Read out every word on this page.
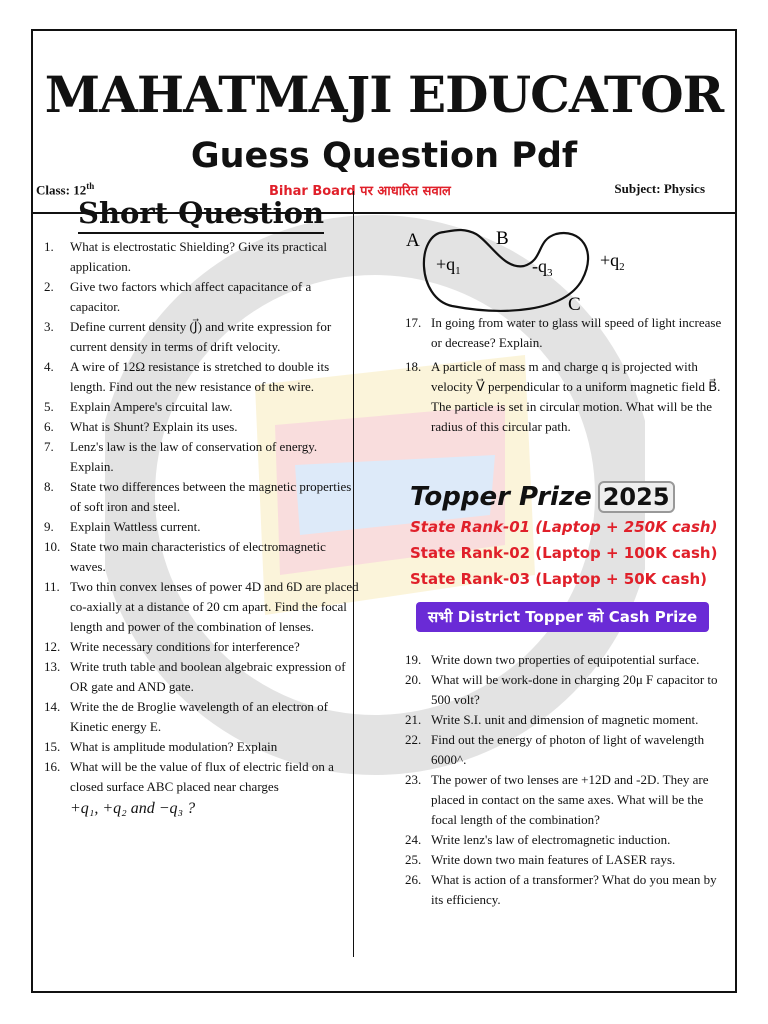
MAHATMAJI EDUCATOR
Guess Question Pdf
Class: 12th	Bihar Board पर आधारित सवाल	Subject: Physics
Short Question
1.	What is electrostatic Shielding? Give its practical application.
2.	Give two factors which affect capacitance of a capacitor.
3.	Define current density (J⃗) and write expression for current density in terms of drift velocity.
4.	A wire of 12Ω resistance is stretched to double its length. Find out the new resistance of the wire.
5.	Explain Ampere's circuital law.
6.	What is Shunt? Explain its uses.
7.	Lenz's law is the law of conservation of energy. Explain.
8.	State two differences between the magnetic properties of soft iron and steel.
9.	Explain Wattless current.
10. State two main characteristics of electromagnetic waves.
11. Two thin convex lenses of power 4D and 6D are placed co-axially at a distance of 20 cm apart. Find the focal length and power of the combination of lenses.
12. Write necessary conditions for interference?
13. Write truth table and boolean algebraic expression of OR gate and AND gate.
14. Write the de Broglie wavelength of an electron of Kinetic energy E.
15. What is amplitude modulation? Explain
16. What will be the value of flux of electric field on a closed surface ABC placed near charges
+q₁, +q₂ and −q₃ ?
A	B
C
$+q_1$	$-q_3$
$+q_2$
17. In going from water to glass will speed of light increase or decrease? Explain.
18. A particle of mass m and charge q is projected with velocity V⃗ perpendicular to a uniform magnetic field B⃗. The particle is set in circular motion. What will be the radius of this circular path.
Topper Prize 2025
State Rank-01 (Laptop + 250K cash)
State Rank-02 (Laptop + 100K cash)
State Rank-03 (Laptop + 50K cash)
सभी District Topper को Cash Prize
19. Write down two properties of equipotential surface.
20. What will be work-done in charging 20μ F capacitor to 500 volt?
21. Write S.I. unit and dimension of magnetic moment.
22. Find out the energy of photon of light of wavelength 6000^.
23. The power of two lenses are +12D and -2D. They are placed in contact on the same axes. What will be the focal length of the combination?
24. Write lenz's law of electromagnetic induction.
25. Write down two main features of LASER rays.
26. What is action of a transformer? What do you mean by its efficiency.
